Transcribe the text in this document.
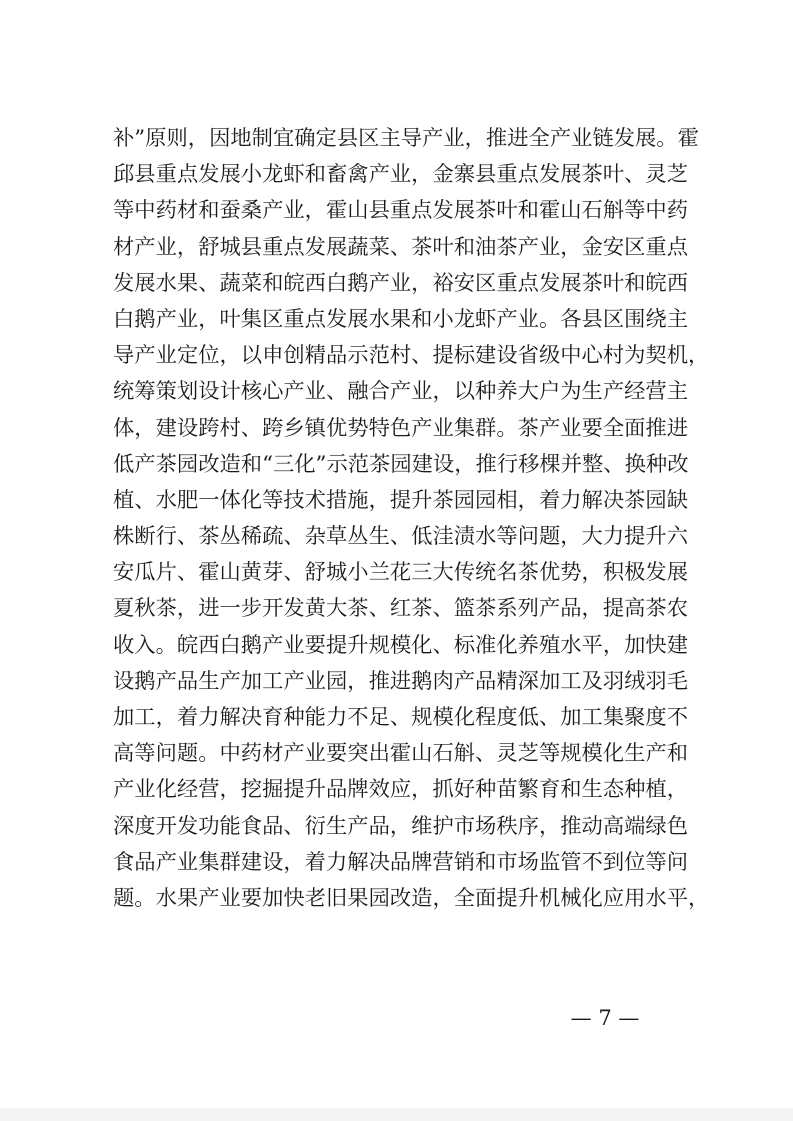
补”原则，因地制宜确定县区主导产业，推进全产业链发展。霍
邱县重点发展小龙虾和畜禽产业，金寨县重点发展茶叶、灵芝
等中药材和蚕桑产业，霍山县重点发展茶叶和霍山石斛等中药
材产业，舒城县重点发展蔬菜、茶叶和油茶产业，金安区重点
发展水果、蔬菜和皖西白鹅产业，裕安区重点发展茶叶和皖西
白鹅产业，叶集区重点发展水果和小龙虾产业。各县区围绕主
导产业定位，以申创精品示范村、提标建设省级中心村为契机，
统筹策划设计核心产业、融合产业，以种养大户为生产经营主
体，建设跨村、跨乡镇优势特色产业集群。茶产业要全面推进
低产茶园改造和“三化”示范茶园建设，推行移棵并整、换种改
植、水肥一体化等技术措施，提升茶园园相，着力解决茶园缺
株断行、茶丛稀疏、杂草丛生、低洼渍水等问题，大力提升六
安瓜片、霍山黄芽、舒城小兰花三大传统名茶优势，积极发展
夏秋茶，进一步开发黄大茶、红茶、篮茶系列产品，提高茶农
收入。皖西白鹅产业要提升规模化、标准化养殖水平，加快建
设鹅产品生产加工产业园，推进鹅肉产品精深加工及羽绒羽毛
加工，着力解决育种能力不足、规模化程度低、加工集聚度不
高等问题。中药材产业要突出霍山石斛、灵芝等规模化生产和
产业化经营，挖掘提升品牌效应，抓好种苗繁育和生态种植，
深度开发功能食品、衍生产品，维护市场秩序，推动高端绿色
食品产业集群建设，着力解决品牌营销和市场监管不到位等问
题。水果产业要加快老旧果园改造，全面提升机械化应用水平，
— 7 —
